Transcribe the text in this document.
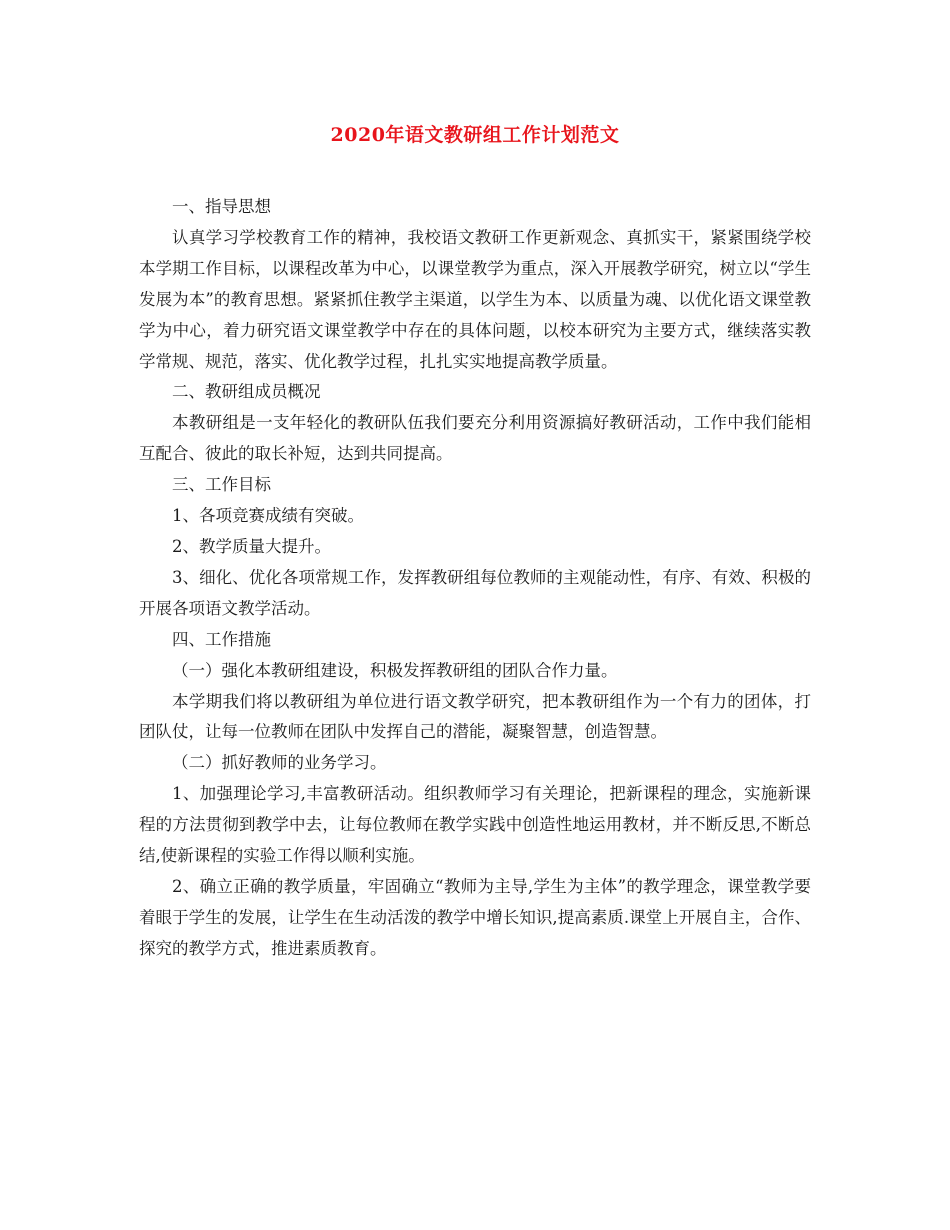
2020年语文教研组工作计划范文

一、指导思想

认真学习学校教育工作的精神，我校语文教研工作更新观念、真抓实干，紧紧围绕学校本学期工作目标，以课程改革为中心，以课堂教学为重点，深入开展教学研究，树立以“学生发展为本”的教育思想。紧紧抓住教学主渠道，以学生为本、以质量为魂、以优化语文课堂教学为中心，着力研究语文课堂教学中存在的具体问题，以校本研究为主要方式，继续落实教学常规、规范，落实、优化教学过程，扎扎实实地提高教学质量。

二、教研组成员概况

本教研组是一支年轻化的教研队伍我们要充分利用资源搞好教研活动，工作中我们能相互配合、彼此的取长补短，达到共同提高。

三、工作目标

1、各项竞赛成绩有突破。

2、教学质量大提升。

3、细化、优化各项常规工作，发挥教研组每位教师的主观能动性，有序、有效、积极的开展各项语文教学活动。

四、工作措施

（一）强化本教研组建设，积极发挥教研组的团队合作力量。

本学期我们将以教研组为单位进行语文教学研究，把本教研组作为一个有力的团体，打团队仗，让每一位教师在团队中发挥自己的潜能，凝聚智慧，创造智慧。

（二）抓好教师的业务学习。

1、加强理论学习,丰富教研活动。组织教师学习有关理论，把新课程的理念，实施新课程的方法贯彻到教学中去，让每位教师在教学实践中创造性地运用教材，并不断反思,不断总结,使新课程的实验工作得以顺利实施。

2、确立正确的教学质量，牢固确立“教师为主导,学生为主体”的教学理念，课堂教学要着眼于学生的发展，让学生在生动活泼的教学中增长知识,提高素质.课堂上开展自主，合作、探究的教学方式，推进素质教育。
